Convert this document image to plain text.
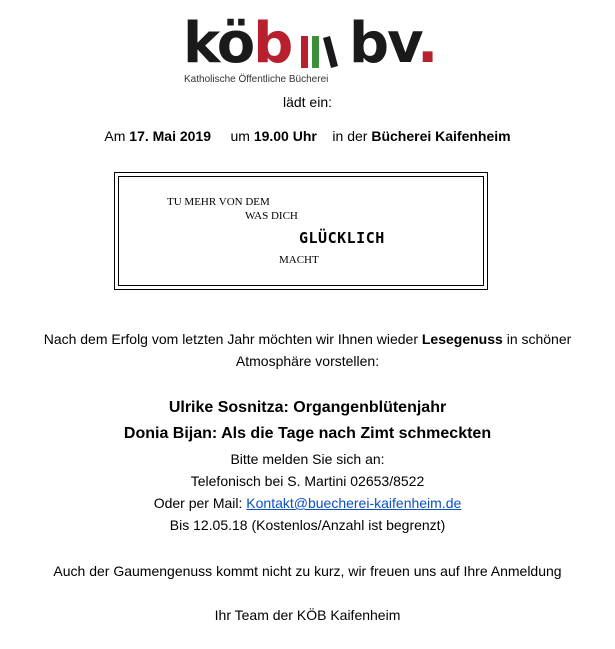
köb bv.
Katholische Öffentliche Bücherei
lädt ein:
Am 17. Mai 2019 um 19.00 Uhr in der Bücherei Kaifenheim
TU MEHR VON DEM
WAS DICH
GLÜCKLICH
MACHT
Nach dem Erfolg vom letzten Jahr möchten wir Ihnen wieder Lesegenuss in schöner
Atmosphäre vorstellen:
Ulrike Sosnitza: Organgenblütenjahr
Donia Bijan: Als die Tage nach Zimt schmeckten
Bitte melden Sie sich an:
Telefonisch bei S. Martini 02653/8522
Oder per Mail: Kontakt@buecherei-kaifenheim.de
Bis 12.05.18 (Kostenlos/Anzahl ist begrenzt)
Auch der Gaumengenuss kommt nicht zu kurz, wir freuen uns auf Ihre Anmeldung
Ihr Team der KÖB Kaifenheim
